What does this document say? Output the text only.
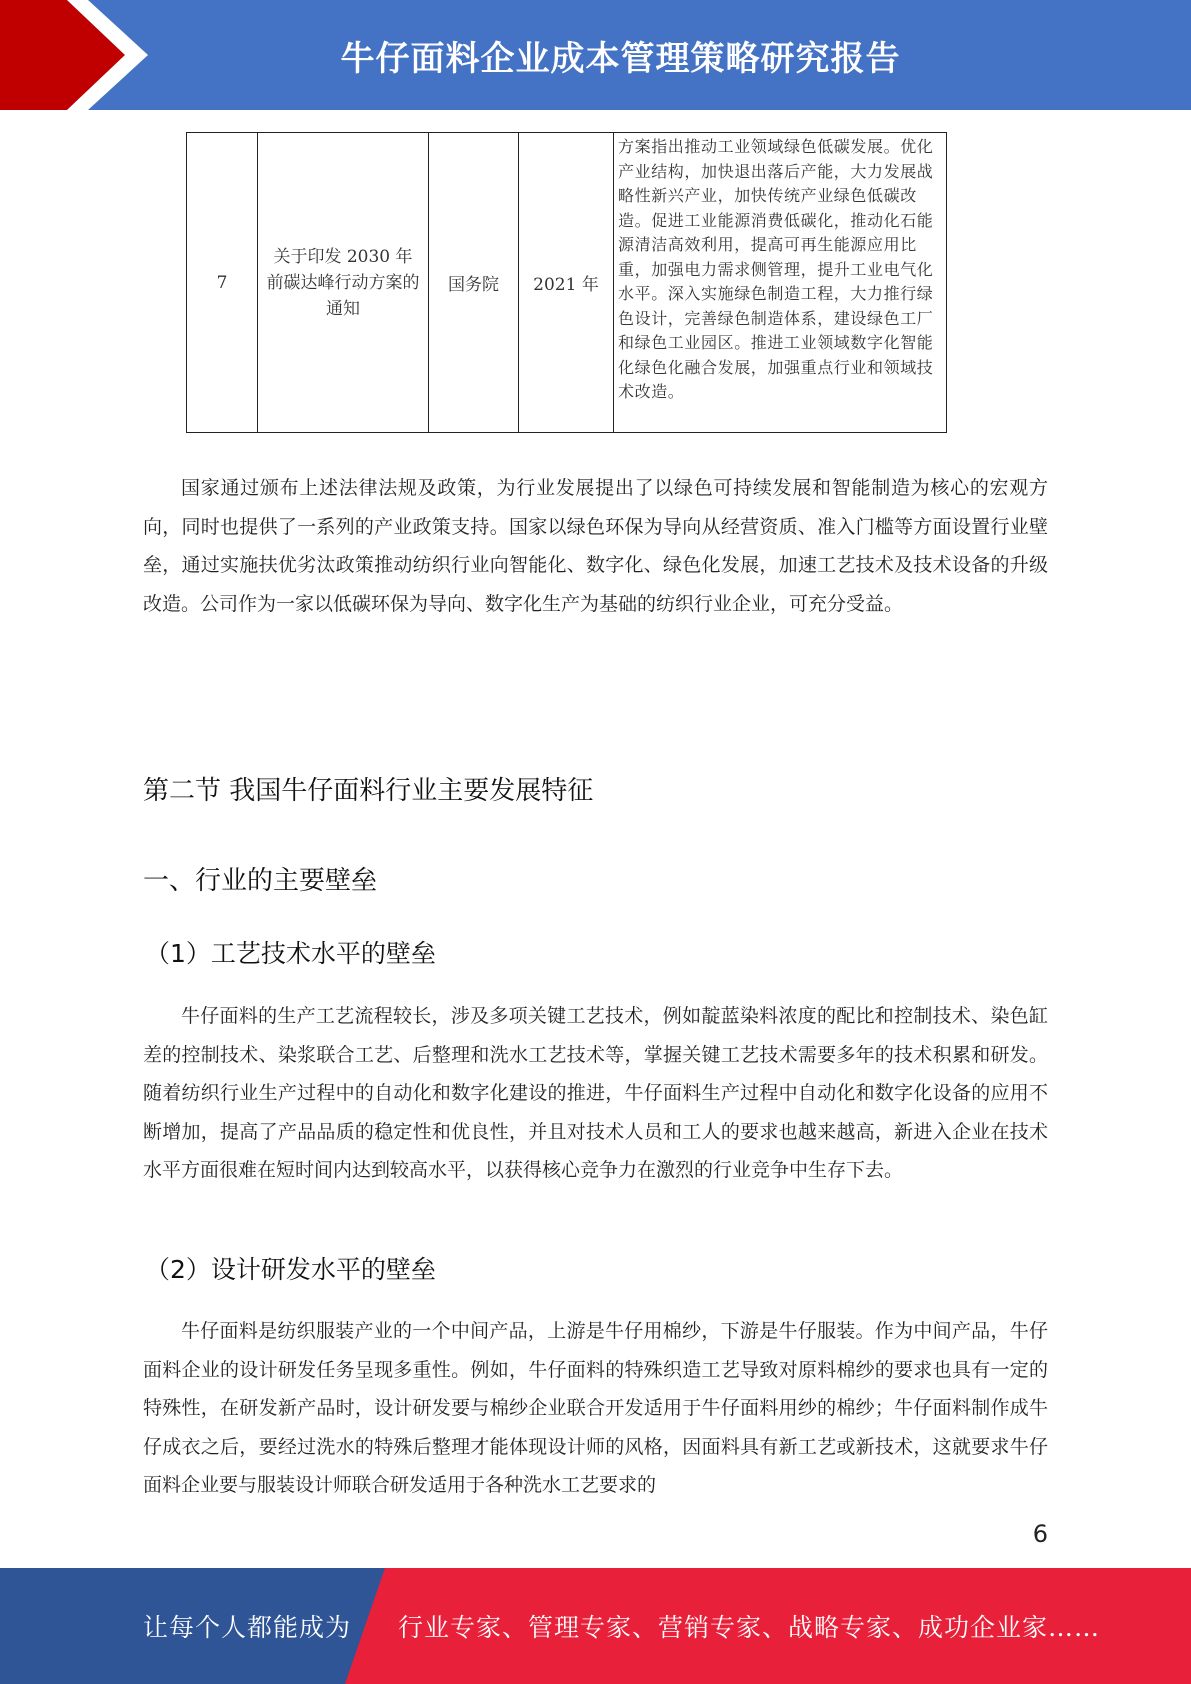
牛仔面料企业成本管理策略研究报告
7	关于印发 2030 年前碳达峰行动方案的通知	国务院	2021 年	方案指出推动工业领域绿色低碳发展。优化产业结构，加快退出落后产能，大力发展战略性新兴产业，加快传统产业绿色低碳改造。促进工业能源消费低碳化，推动化石能源清洁高效利用，提高可再生能源应用比重，加强电力需求侧管理，提升工业电气化水平。深入实施绿色制造工程，大力推行绿色设计，完善绿色制造体系，建设绿色工厂和绿色工业园区。推进工业领域数字化智能化绿色化融合发展，加强重点行业和领域技术改造。

国家通过颁布上述法律法规及政策，为行业发展提出了以绿色可持续发展和智能制造为核心的宏观方向，同时也提供了一系列的产业政策支持。国家以绿色环保为导向从经营资质、准入门槛等方面设置行业壁垒，通过实施扶优劣汰政策推动纺织行业向智能化、数字化、绿色化发展，加速工艺技术及技术设备的升级改造。公司作为一家以低碳环保为导向、数字化生产为基础的纺织行业企业，可充分受益。

第二节 我国牛仔面料行业主要发展特征
一、行业的主要壁垒
（1）工艺技术水平的壁垒

牛仔面料的生产工艺流程较长，涉及多项关键工艺技术，例如靛蓝染料浓度的配比和控制技术、染色缸差的控制技术、染浆联合工艺、后整理和洗水工艺技术等，掌握关键工艺技术需要多年的技术积累和研发。随着纺织行业生产过程中的自动化和数字化建设的推进，牛仔面料生产过程中自动化和数字化设备的应用不断增加，提高了产品品质的稳定性和优良性，并且对技术人员和工人的要求也越来越高，新进入企业在技术水平方面很难在短时间内达到较高水平，以获得核心竞争力在激烈的行业竞争中生存下去。

（2）设计研发水平的壁垒

牛仔面料是纺织服装产业的一个中间产品，上游是牛仔用棉纱，下游是牛仔服装。作为中间产品，牛仔面料企业的设计研发任务呈现多重性。例如，牛仔面料的特殊织造工艺导致对原料棉纱的要求也具有一定的特殊性，在研发新产品时，设计研发要与棉纱企业联合开发适用于牛仔面料用纱的棉纱；牛仔面料制作成牛仔成衣之后，要经过洗水的特殊后整理才能体现设计师的风格，因面料具有新工艺或新技术，这就要求牛仔面料企业要与服装设计师联合研发适用于各种洗水工艺要求的

6
让每个人都能成为 行业专家、管理专家、营销专家、战略专家、成功企业家……
